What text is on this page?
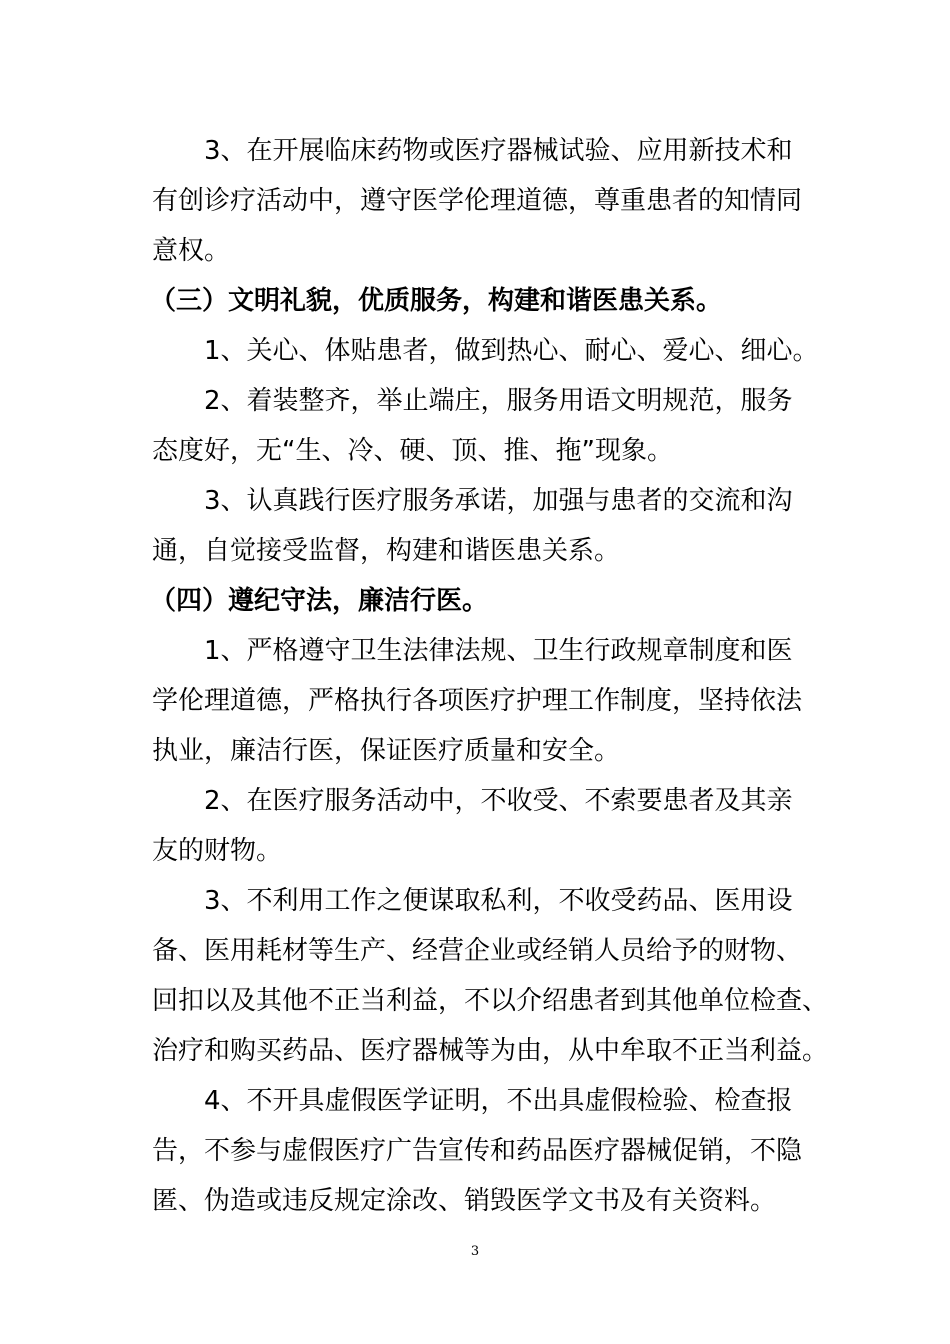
3、在开展临床药物或医疗器械试验、应用新技术和
有创诊疗活动中，遵守医学伦理道德，尊重患者的知情同
意权。
（三）文明礼貌，优质服务，构建和谐医患关系。
1、关心、体贴患者，做到热心、耐心、爱心、细心。
2、着装整齐，举止端庄，服务用语文明规范，服务
态度好，无“生、冷、硬、顶、推、拖”现象。
3、认真践行医疗服务承诺，加强与患者的交流和沟
通，自觉接受监督，构建和谐医患关系。
（四）遵纪守法，廉洁行医。
1、严格遵守卫生法律法规、卫生行政规章制度和医
学伦理道德，严格执行各项医疗护理工作制度，坚持依法
执业，廉洁行医，保证医疗质量和安全。
2、在医疗服务活动中，不收受、不索要患者及其亲
友的财物。
3、不利用工作之便谋取私利，不收受药品、医用设
备、医用耗材等生产、经营企业或经销人员给予的财物、
回扣以及其他不正当利益，不以介绍患者到其他单位检查、
治疗和购买药品、医疗器械等为由，从中牟取不正当利益。
4、不开具虚假医学证明，不出具虚假检验、检查报
告，不参与虚假医疗广告宣传和药品医疗器械促销，不隐
匿、伪造或违反规定涂改、销毁医学文书及有关资料。
3
